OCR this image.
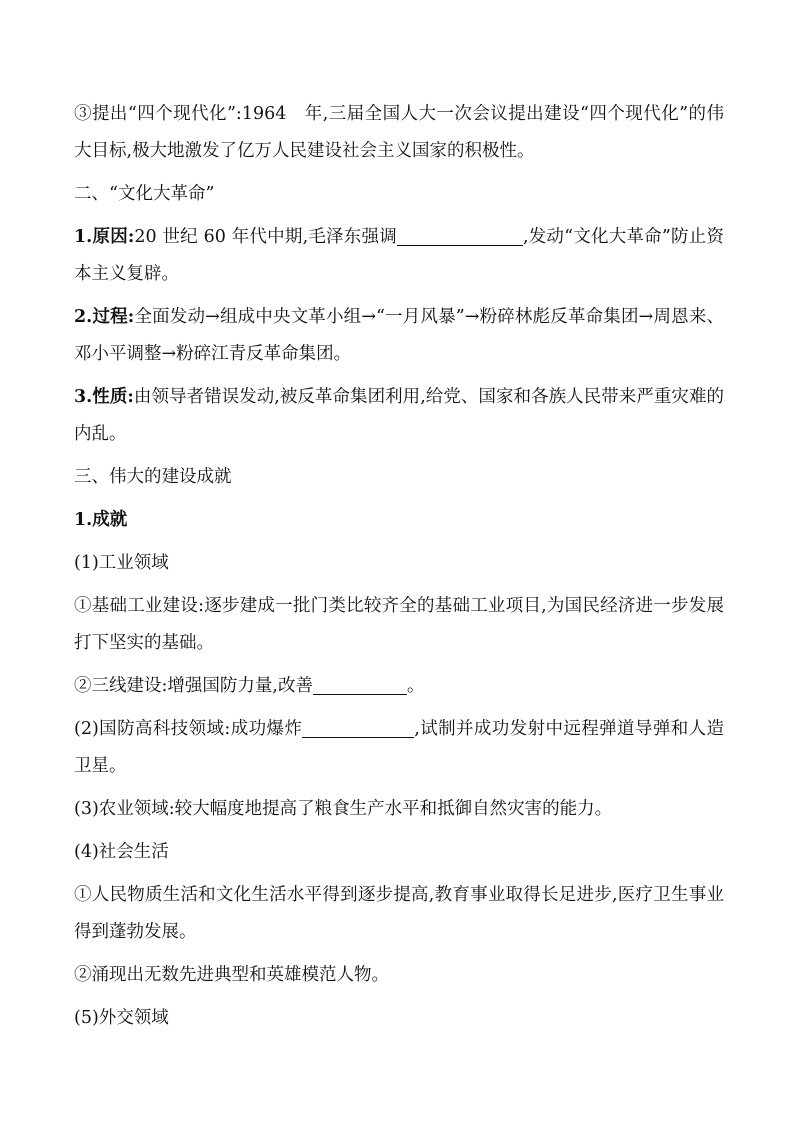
③提出“四个现代化”:1964　年,三届全国人大一次会议提出建设“四个现代化”的伟大目标,极大地激发了亿万人民建设社会主义国家的积极性。

二、“文化大革命”

1.原因:20 世纪 60 年代中期,毛泽东强调	,发动“文化大革命”防止资本主义复辟。

2.过程:全面发动→组成中央文革小组→“一月风暴”→粉碎林彪反革命集团→周恩来、邓小平调整→粉碎江青反革命集团。

3.性质:由领导者错误发动,被反革命集团利用,给党、国家和各族人民带来严重灾难的内乱。

三、伟大的建设成就

1.成就

(1)工业领域

①基础工业建设:逐步建成一批门类比较齐全的基础工业项目,为国民经济进一步发展打下坚实的基础。

②三线建设:增强国防力量,改善	。

(2)国防高科技领域:成功爆炸	,试制并成功发射中远程弹道导弹和人造卫星。

(3)农业领域:较大幅度地提高了粮食生产水平和抵御自然灾害的能力。

(4)社会生活

①人民物质生活和文化生活水平得到逐步提高,教育事业取得长足进步,医疗卫生事业得到蓬勃发展。

②涌现出无数先进典型和英雄模范人物。

(5)外交领域
